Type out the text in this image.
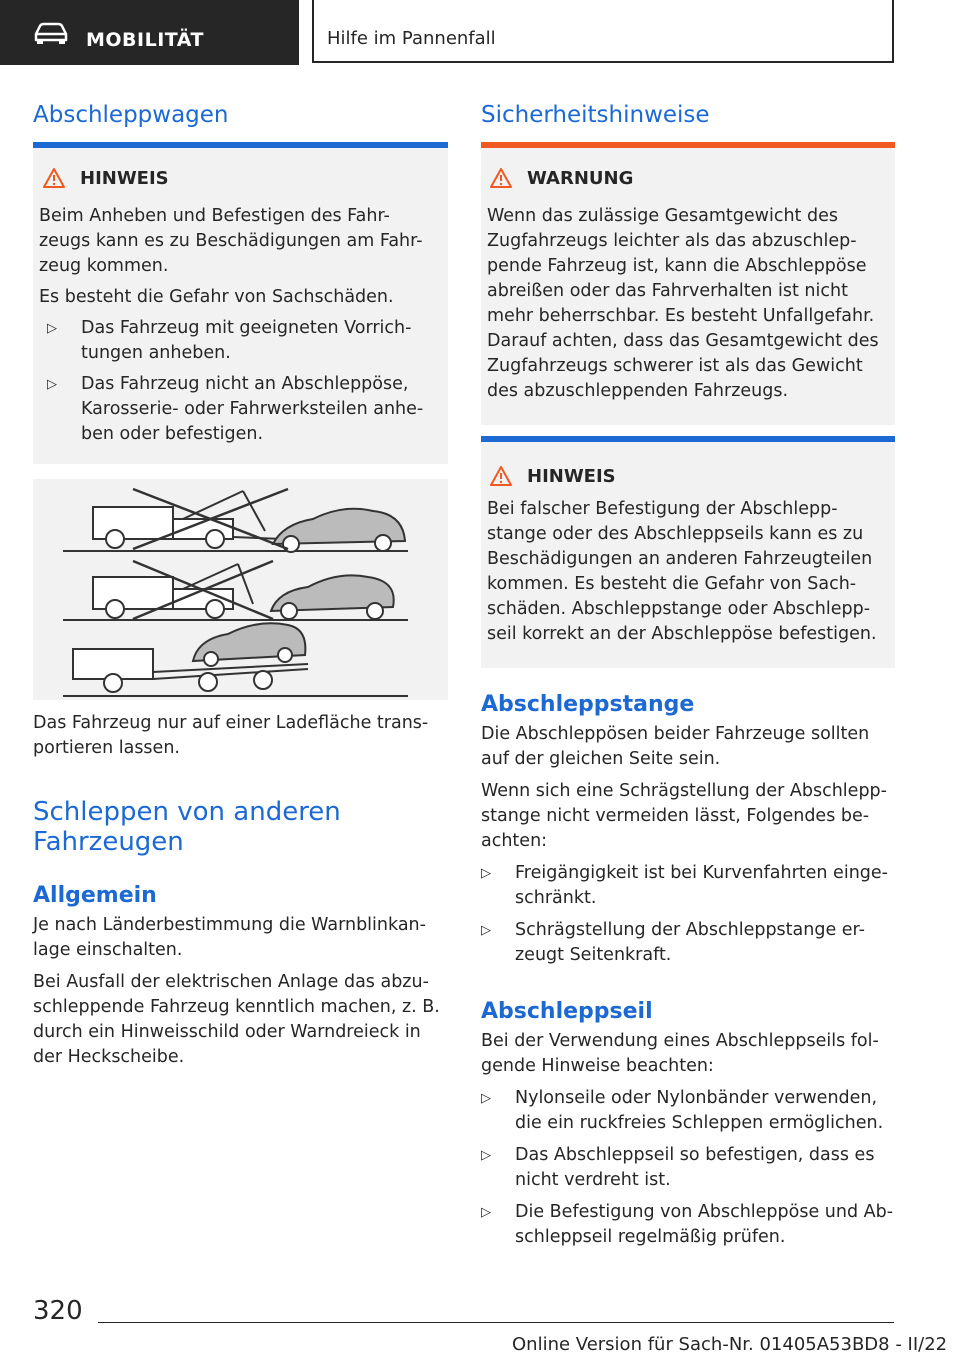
MOBILITÄT	Hilfe im Pannenfall
Abschleppwagen
HINWEIS

Beim Anheben und Befestigen des Fahr-

zeugs kann es zu Beschädigungen am Fahr-

zeug kommen.

Es besteht die Gefahr von Sachschäden.

▷	Das Fahrzeug mit geeigneten Vorrich-

tungen anheben.

▷	Das Fahrzeug nicht an Abschleppöse,

Karosserie- oder Fahrwerksteilen anhe-

ben oder befestigen.

Das Fahrzeug nur auf einer Ladefläche trans-

portieren lassen.

Schleppen von anderen
Fahrzeugen
Allgemein

Je nach Länderbestimmung die Warnblinkan-

lage einschalten.

Bei Ausfall der elektrischen Anlage das abzu-

schleppende Fahrzeug kenntlich machen, z. B.

durch ein Hinweisschild oder Warndreieck in

der Heckscheibe.

Sicherheitshinweise
WARNUNG

Wenn das zulässige Gesamtgewicht des

Zugfahrzeugs leichter als das abzuschlep-

pende Fahrzeug ist, kann die Abschleppöse

abreißen oder das Fahrverhalten ist nicht

mehr beherrschbar. Es besteht Unfallgefahr.

Darauf achten, dass das Gesamtgewicht des

Zugfahrzeugs schwerer ist als das Gewicht

des abzuschleppenden Fahrzeugs.

HINWEIS

Bei falscher Befestigung der Abschlepp-

stange oder des Abschleppseils kann es zu

Beschädigungen an anderen Fahrzeugteilen

kommen. Es besteht die Gefahr von Sach-

schäden. Abschleppstange oder Abschlepp-

seil korrekt an der Abschleppöse befestigen.

Abschleppstange

Die Abschleppösen beider Fahrzeuge sollten

auf der gleichen Seite sein.

Wenn sich eine Schrägstellung der Abschlepp-

stange nicht vermeiden lässt, Folgendes be-

achten:

▷	Freigängigkeit ist bei Kurvenfahrten einge-

schränkt.

▷	Schrägstellung der Abschleppstange er-

zeugt Seitenkraft.

Abschleppseil

Bei der Verwendung eines Abschleppseils fol-

gende Hinweise beachten:

▷	Nylonseile oder Nylonbänder verwenden,

die ein ruckfreies Schleppen ermöglichen.

▷	Das Abschleppseil so befestigen, dass es

nicht verdreht ist.

▷	Die Befestigung von Abschleppöse und Ab-

schleppseil regelmäßig prüfen.

320
Online Version für Sach-Nr. 01405A53BD8 - II/22
